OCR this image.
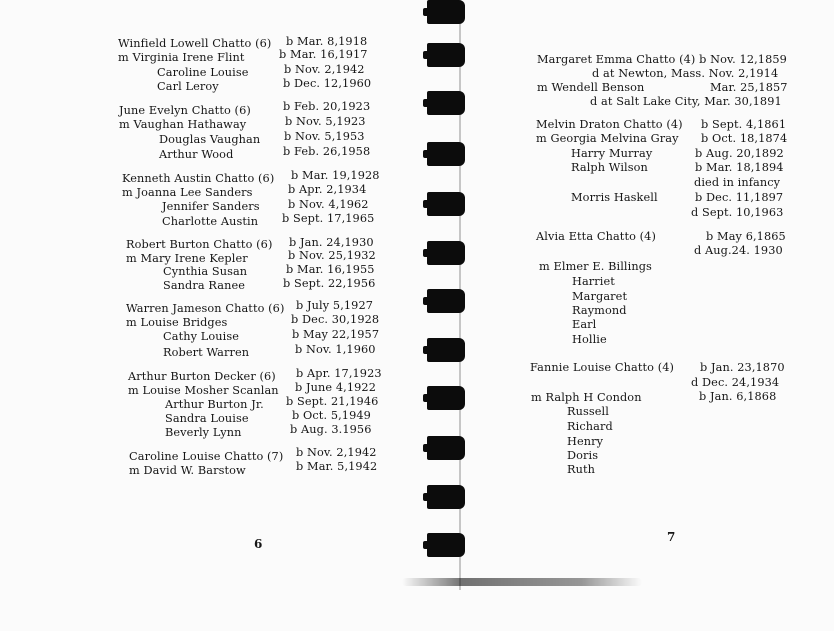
Winfield Lowell Chatto (6) b Mar. 8,1918
m Virginia Irene Flint	b Mar. 16,1917
Caroline Louise	b Nov. 2,1942
Carl Leroy	b Dec. 12,1960
June Evelyn Chatto (6)	b Feb. 20,1923
m Vaughan Hathaway	b Nov. 5,1923
Douglas Vaughan b Nov. 5,1953
Arthur Wood	b Feb. 26,1958
Kenneth Austin Chatto (6) b Mar. 19,1928
m Joanna Lee Sanders	b Apr. 2,1934
Jennifer Sanders	b Nov. 4,1962
Charlotte Austin b Sept. 17,1965
Robert Burton Chatto (6) b Jan. 24,1930
m Mary Irene Kepler	b Nov. 25,1932
Cynthia Susan	b Mar. 16,1955
Sandra Ranee	b Sept. 22,1956
Warren Jameson Chatto (6) b July 5,1927
m Louise Bridges	b Dec. 30,1928
Cathy Louise	b May 22,1957
Robert Warren	b Nov. 1,1960
Arthur Burton Decker (6) b Apr. 17,1923
m Louise Mosher Scanlan b June 4,1922
Arthur Burton Jr. b Sept. 21,1946
Sandra Louise	b Oct. 5,1949
Beverly Lynn	b Aug. 3.1956
Caroline Louise Chatto (7) b Nov. 2,1942
m David W. Barstow	b Mar. 5,1942
6
Margaret Emma Chatto (4) b Nov. 12,1859
d at Newton, Mass. Nov. 2,1914
m Wendell Benson	Mar. 25,1857
d at Salt Lake City, Mar. 30,1891
Melvin Draton Chatto (4) b Sept. 4,1861
m Georgia Melvina Gray b Oct. 18,1874
Harry Murray	b Aug. 20,1892
Ralph Wilson	b Mar. 18,1894
died in infancy
Morris Haskell	b Dec. 11,1897
d Sept. 10,1963
Alvia Etta Chatto (4)	b May 6,1865
d Aug.24. 1930
m Elmer E. Billings
Harriet
Margaret
Raymond
Earl
Hollie
Fannie Louise Chatto (4) b Jan. 23,1870
d Dec. 24,1934
m Ralph H Condon	b Jan. 6,1868
Russell
Richard
Henry
Doris
Ruth
7
